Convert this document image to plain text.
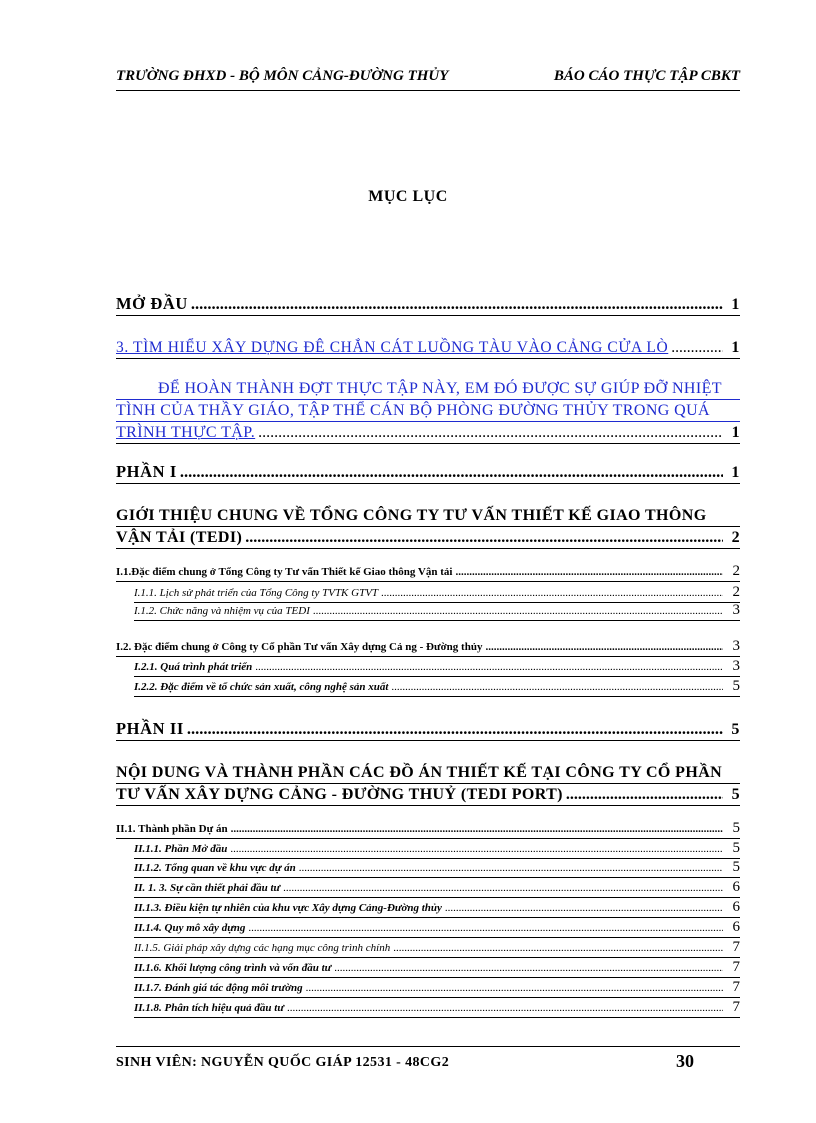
TRƯỜNG ĐHXD - BỘ MÔN CẢNG-ĐƯỜNG THỦY	BÁO CÁO THỰC TẬP CBKT
MỤC LỤC
MỞ ĐẦU .....	1
3. TÌM HIỂU XÂY DỰNG ĐÊ CHẮN CÁT LUỒNG TÀU VÀO CẢNG CỬA LÒ .....	1
ĐỂ HOÀN THÀNH ĐỢT THỰC TẬP NÀY, EM ĐÓ ĐƯỢC SỰ GIÚP ĐỠ NHIỆT
TÌNH CỦA THẦY GIÁO, TẬP THỂ CÁN BỘ PHÒNG ĐƯỜNG THỦY TRONG QUÁ
TRÌNH THỰC TẬP. .....	1
PHẦN I .....	1
GIỚI THIỆU CHUNG VỀ TỔNG CÔNG TY TƯ VẤN THIẾT KẾ GIAO THÔNG
VẬN TẢI (TEDI) .....	2
I.1.Đặc điểm chung ở Tổng Công ty Tư vấn Thiết kế Giao thông Vận tải .....	2
I.1.1. Lịch sử phát triển của Tổng Công ty TVTK GTVT .....	2
I.1.2. Chức năng và nhiệm vụ của TEDI .....	3
I.2. Đặc điểm chung ở Công ty Cổ phần Tư vấn Xây dựng Cả ng - Đường thủy .....	3
I.2.1. Quá trình phát triển .....	3
I.2.2. Đặc điểm về tổ chức sản xuất, công nghệ sản xuất .....	5
PHẦN II .....	5
NỘI DUNG VÀ THÀNH PHẦN CÁC ĐỒ ÁN THIẾT KẾ TẠI CÔNG TY CỔ PHẦN
TƯ VẤN XÂY DỰNG CẢNG - ĐƯỜNG THUỶ (TEDI PORT) .....	5
II.1. Thành phần Dự án .....	5
II.1.1. Phần Mở đầu .....	5
II.1.2. Tổng quan về khu vực dự án .....	5
II. 1. 3. Sự cần thiết phải đầu tư .....	6
II.1.3. Điều kiện tự nhiên của khu vực Xây dựng Cảng-Đường thủy .....	6
II.1.4. Quy mô xây dựng .....	6
II.1.5. Giải pháp xây dựng các hạng mục công trình chính .....	7
II.1.6. Khối lượng công trình và vốn đầu tư .....	7
II.1.7. Đánh giá tác động môi trường .....	7
II.1.8. Phân tích hiệu quả đầu tư .....	7
SINH VIÊN: NGUYỄN QUỐC GIÁP 12531 - 48CG2	30
